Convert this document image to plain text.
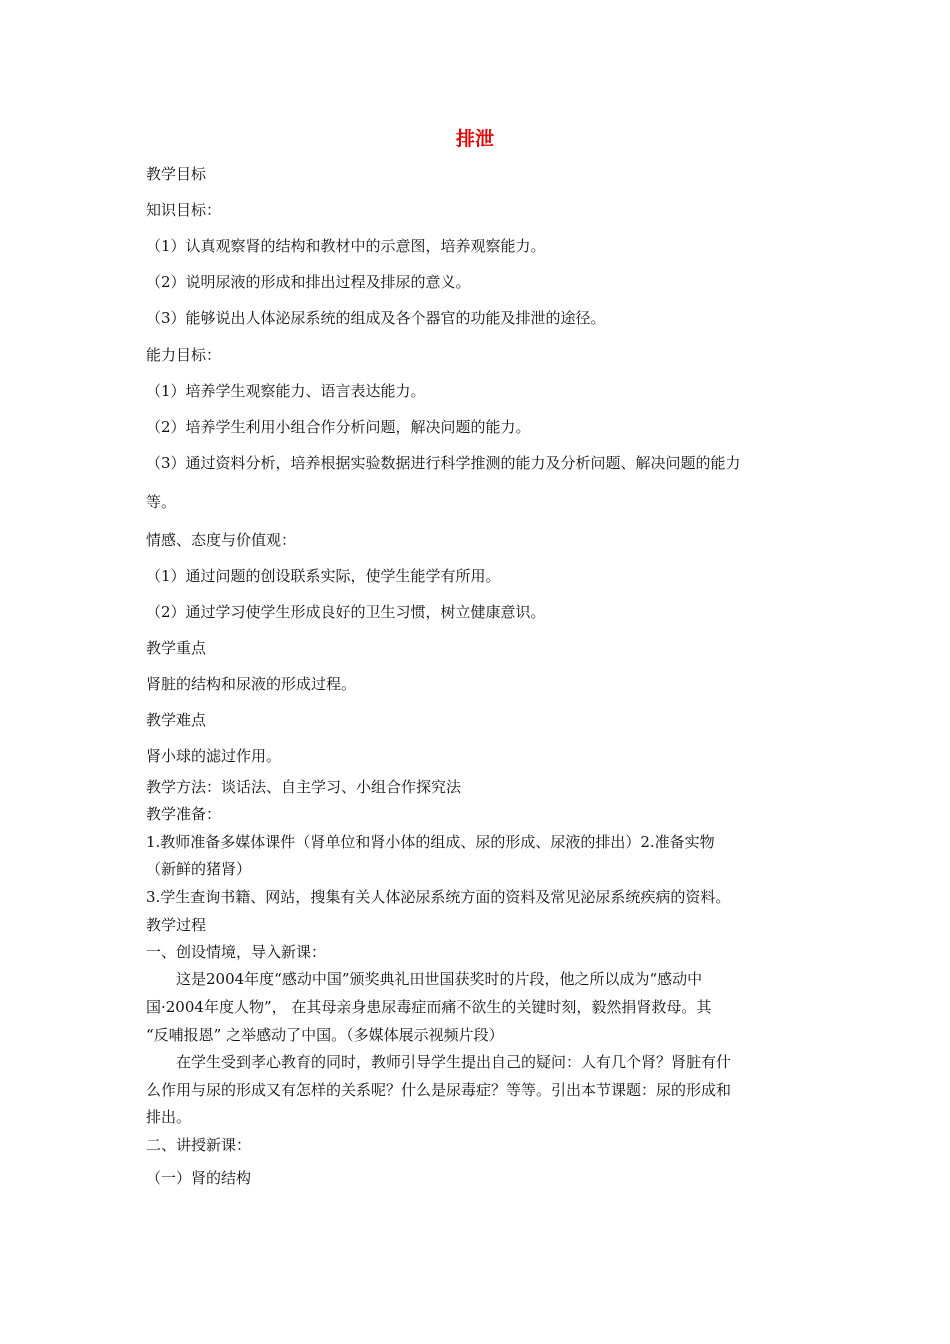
排泄
教学目标
知识目标：
（1）认真观察肾的结构和教材中的示意图，培养观察能力。
（2）说明尿液的形成和排出过程及排尿的意义。
（3）能够说出人体泌尿系统的组成及各个器官的功能及排泄的途径。
能力目标：
（1）培养学生观察能力、语言表达能力。
（2）培养学生利用小组合作分析问题，解决问题的能力。
（3）通过资料分析，培养根据实验数据进行科学推测的能力及分析问题、解决问题的能力
等。
情感、态度与价值观：
（1）通过问题的创设联系实际，使学生能学有所用。
（2）通过学习使学生形成良好的卫生习惯，树立健康意识。
教学重点
肾脏的结构和尿液的形成过程。
教学难点
肾小球的滤过作用。
教学方法：谈话法、自主学习、小组合作探究法
教学准备：
1.教师准备多媒体课件（肾单位和肾小体的组成、尿的形成、尿液的排出）2.准备实物
（新鲜的猪肾）
3.学生查询书籍、网站，搜集有关人体泌尿系统方面的资料及常见泌尿系统疾病的资料。
教学过程
一、创设情境，导入新课：
这是2004年度“感动中国”颁奖典礼田世国获奖时的片段，他之所以成为“感动中
国·2004年度人物”， 在其母亲身患尿毒症而痛不欲生的关键时刻，毅然捐肾救母。其
“反哺报恩” 之举感动了中国。（多媒体展示视频片段）
在学生受到孝心教育的同时，教师引导学生提出自己的疑问：人有几个肾？肾脏有什
么作用与尿的形成又有怎样的关系呢？什么是尿毒症？等等。引出本节课题：尿的形成和
排出。
二、讲授新课：
（一）肾的结构
